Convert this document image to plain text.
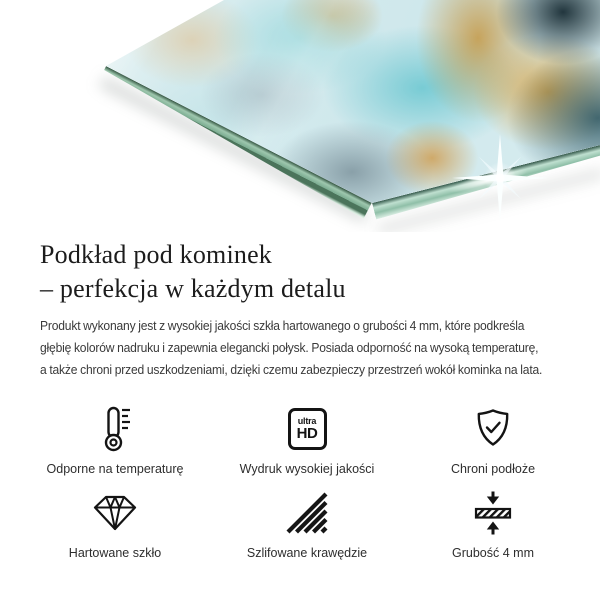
Podkład pod kominek
– perfekcja w każdym detalu
Produkt wykonany jest z wysokiej jakości szkła hartowanego o grubości 4 mm, które podkreśla
głębię kolorów nadruku i zapewnia elegancki połysk. Posiada odporność na wysoką temperaturę,
a także chroni przed uszkodzeniami, dzięki czemu zabezpieczy przestrzeń wokół kominka na lata.
Odporne na temperaturę
ultra
HD
Wydruk wysokiej jakości	Chroni podłoże
Hartowane szkło	Szlifowane krawędzie	Grubość 4 mm
